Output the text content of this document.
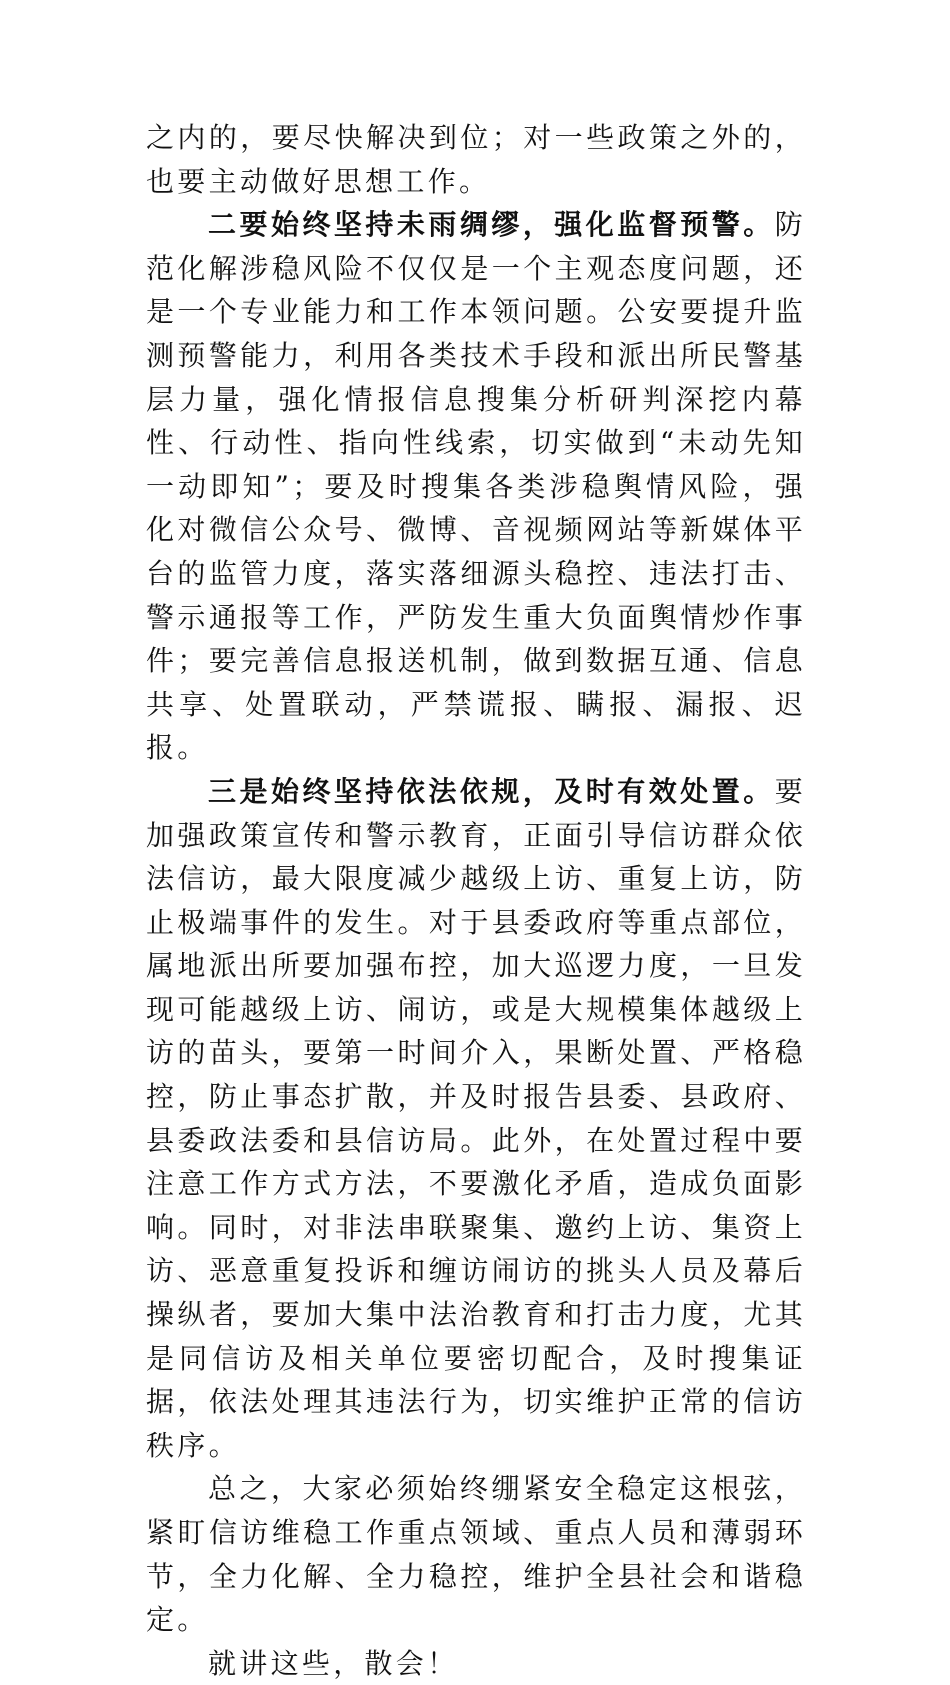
之内的，要尽快解决到位；对一些政策之外的，也要主动做好思想工作。

二要始终坚持未雨绸缪，强化监督预警。防范化解涉稳风险不仅仅是一个主观态度问题，还是一个专业能力和工作本领问题。公安要提升监测预警能力，利用各类技术手段和派出所民警基层力量，强化情报信息搜集分析研判深挖内幕性、行动性、指向性线索，切实做到“未动先知一动即知”；要及时搜集各类涉稳舆情风险，强化对微信公众号、微博、音视频网站等新媒体平台的监管力度，落实落细源头稳控、违法打击、警示通报等工作，严防发生重大负面舆情炒作事件；要完善信息报送机制，做到数据互通、信息共享、处置联动，严禁谎报、瞒报、漏报、迟报。

三是始终坚持依法依规，及时有效处置。要加强政策宣传和警示教育，正面引导信访群众依法信访，最大限度减少越级上访、重复上访，防止极端事件的发生。对于县委政府等重点部位，属地派出所要加强布控，加大巡逻力度，一旦发现可能越级上访、闹访，或是大规模集体越级上访的苗头，要第一时间介入，果断处置、严格稳控，防止事态扩散，并及时报告县委、县政府、县委政法委和县信访局。此外，在处置过程中要注意工作方式方法，不要激化矛盾，造成负面影响。同时，对非法串联聚集、邀约上访、集资上访、恶意重复投诉和缠访闹访的挑头人员及幕后操纵者，要加大集中法治教育和打击力度，尤其是同信访及相关单位要密切配合，及时搜集证据，依法处理其违法行为，切实维护正常的信访秩序。

总之，大家必须始终绷紧安全稳定这根弦，紧盯信访维稳工作重点领域、重点人员和薄弱环节，全力化解、全力稳控，维护全县社会和谐稳定。

就讲这些，散会！
